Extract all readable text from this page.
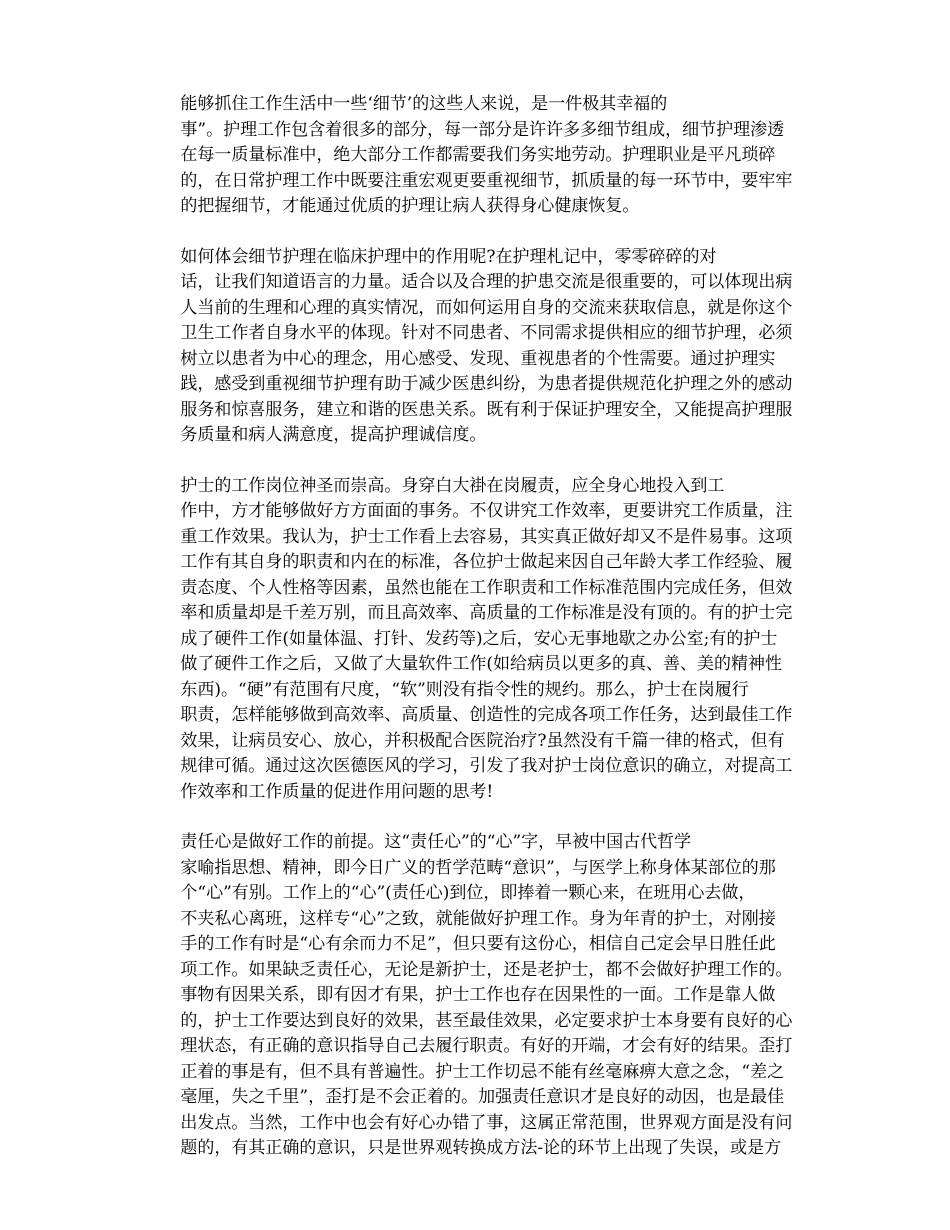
能够抓住工作生活中一些‘细节’的这些人来说，是一件极其幸福的
事”。护理工作包含着很多的部分，每一部分是许许多多细节组成，细节护理渗透
在每一质量标准中，绝大部分工作都需要我们务实地劳动。护理职业是平凡琐碎
的，在日常护理工作中既要注重宏观更要重视细节，抓质量的每一环节中，要牢牢
的把握细节，才能通过优质的护理让病人获得身心健康恢复。
如何体会细节护理在临床护理中的作用呢?在护理札记中，零零碎碎的对
话，让我们知道语言的力量。适合以及合理的护患交流是很重要的，可以体现出病
人当前的生理和心理的真实情况，而如何运用自身的交流来获取信息，就是你这个
卫生工作者自身水平的体现。针对不同患者、不同需求提供相应的细节护理，必须
树立以患者为中心的理念，用心感受、发现、重视患者的个性需要。通过护理实
践，感受到重视细节护理有助于减少医患纠纷，为患者提供规范化护理之外的感动
服务和惊喜服务，建立和谐的医患关系。既有利于保证护理安全，又能提高护理服
务质量和病人满意度，提高护理诚信度。
护士的工作岗位神圣而崇高。身穿白大褂在岗履责，应全身心地投入到工
作中，方才能够做好方方面面的事务。不仅讲究工作效率，更要讲究工作质量，注
重工作效果。我认为，护士工作看上去容易，其实真正做好却又不是件易事。这项
工作有其自身的职责和内在的标准，各位护士做起来因自己年龄大孝工作经验、履
责态度、个人性格等因素，虽然也能在工作职责和工作标准范围内完成任务，但效
率和质量却是千差万别，而且高效率、高质量的工作标准是没有顶的。有的护士完
成了硬件工作(如量体温、打针、发药等)之后，安心无事地歇之办公室;有的护士
做了硬件工作之后，又做了大量软件工作(如给病员以更多的真、善、美的精神性
东西)。“硬”有范围有尺度，“软”则没有指令性的规约。那么，护士在岗履行
职责，怎样能够做到高效率、高质量、创造性的完成各项工作任务，达到最佳工作
效果，让病员安心、放心，并积极配合医院治疗?虽然没有千篇一律的格式，但有
规律可循。通过这次医德医风的学习，引发了我对护士岗位意识的确立，对提高工
作效率和工作质量的促进作用问题的思考!
责任心是做好工作的前提。这“责任心”的“心”字，早被中国古代哲学
家喻指思想、精神，即今日广义的哲学范畴“意识”，与医学上称身体某部位的那
个“心”有别。工作上的“心”(责任心)到位，即捧着一颗心来，在班用心去做，
不夹私心离班，这样专“心”之致，就能做好护理工作。身为年青的护士，对刚接
手的工作有时是“心有余而力不足”，但只要有这份心，相信自己定会早日胜任此
项工作。如果缺乏责任心，无论是新护士，还是老护士，都不会做好护理工作的。
事物有因果关系，即有因才有果，护士工作也存在因果性的一面。工作是靠人做
的，护士工作要达到良好的效果，甚至最佳效果，必定要求护士本身要有良好的心
理状态，有正确的意识指导自己去履行职责。有好的开端，才会有好的结果。歪打
正着的事是有，但不具有普遍性。护士工作切忌不能有丝毫麻痹大意之念，“差之
毫厘，失之千里”，歪打是不会正着的。加强责任意识才是良好的动因，也是最佳
出发点。当然，工作中也会有好心办错了事，这属正常范围，世界观方面是没有问
题的，有其正确的意识，只是世界观转换成方法-论的环节上出现了失误，或是方
